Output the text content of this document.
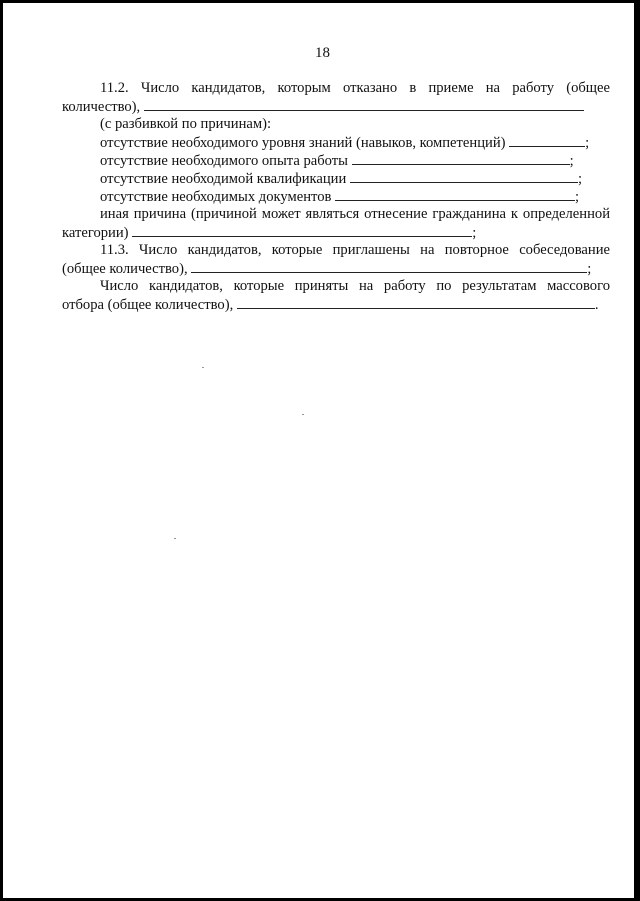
18
11.2. Число кандидатов, которым отказано в приеме на работу (общее
количество),
(с разбивкой по причинам):
отсутствие необходимого уровня знаний (навыков, компетенций)	;
отсутствие необходимого опыта работы	;
отсутствие необходимой квалификации	;
отсутствие необходимых документов	;
иная причина (причиной может являться отнесение гражданина к определенной
категории)	;
11.3. Число кандидатов, которые приглашены на повторное собеседование
(общее количество),	;
Число кандидатов, которые приняты на работу по результатам массового
отбора (общее количество),	.
